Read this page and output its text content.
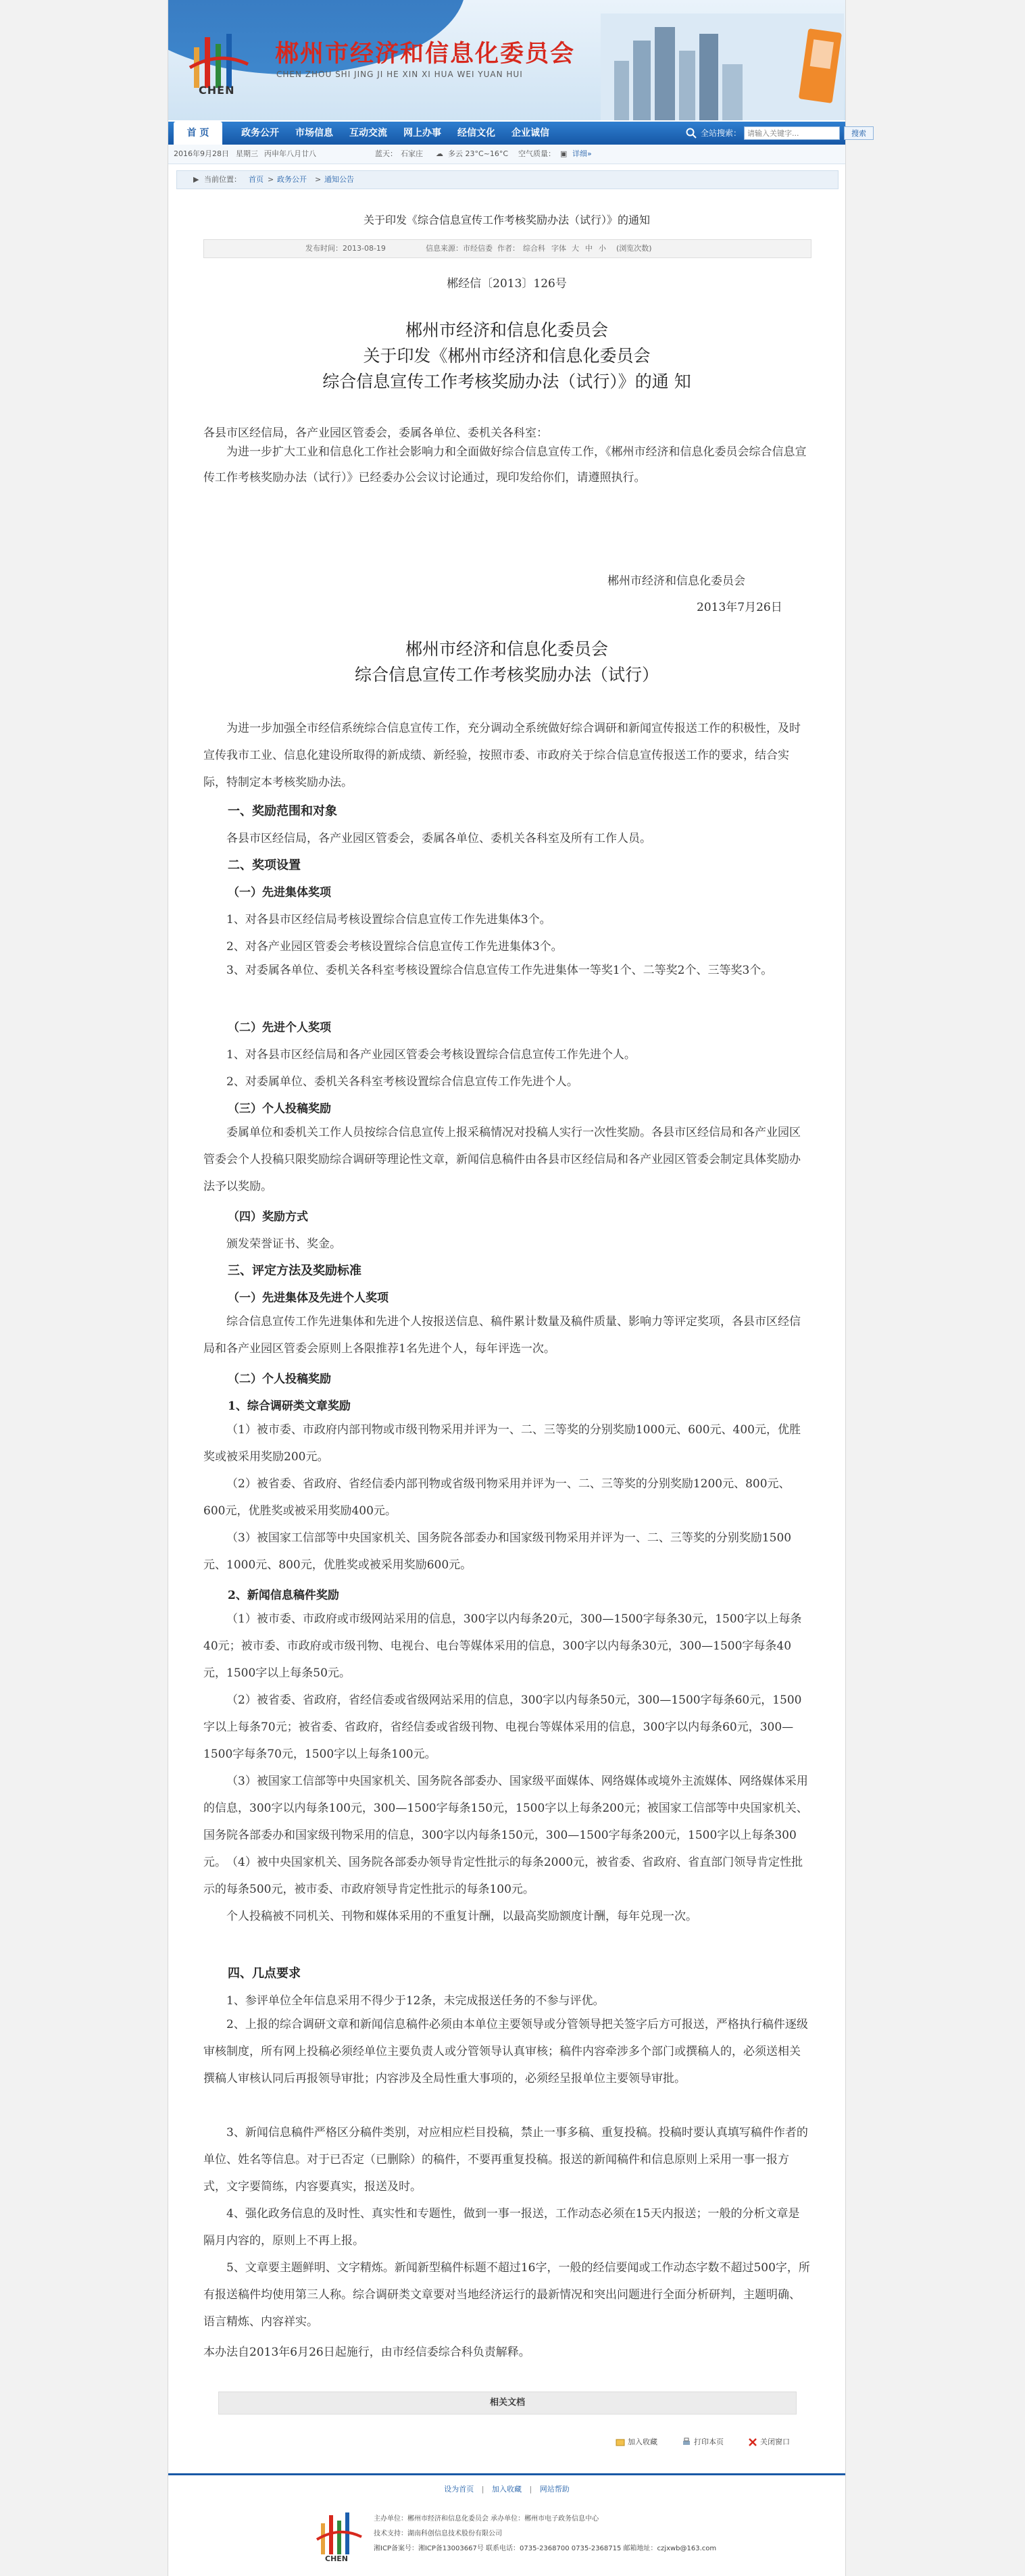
CHEN
郴州市经济和信息化委员会
CHEN ZHOU SHI JING JI HE XIN XI HUA WEI YUAN HUI
首 页	政务公开	市场信息	互动交流	网上办事	经信文化	企业诚信	全站搜索：
请输入关键字...	搜索
2016年9月28日 星期三 丙申年八月廿八	蓝天： 石家庄 ☁ 多云 23°C~16°C 空气质量： ▣ 详细»
▶ 当前位置： 首页 > 政务公开 > 通知公告
关于印发《综合信息宣传工作考核奖励办法（试行）》的通知
发布时间：2013-08-19	信息来源：市经信委 作者： 综合科 字体 大 中 小 (浏览次数)
郴经信〔2013〕126号
郴州市经济和信息化委员会
关于印发《郴州市经济和信息化委员会
综合信息宣传工作考核奖励办法（试行）》的通 知
各县市区经信局，各产业园区管委会，委属各单位、委机关各科室：
为进一步扩大工业和信息化工作社会影响力和全面做好综合信息宣传工作，《郴州市经济和信息化委员会综合信息宣传工作考核奖励办法（试行）》已经委办公会议讨论通过，现印发给你们，请遵照执行。
郴州市经济和信息化委员会
2013年7月26日
郴州市经济和信息化委员会
综合信息宣传工作考核奖励办法（试行）
为进一步加强全市经信系统综合信息宣传工作，充分调动全系统做好综合调研和新闻宣传报送工作的积极性，及时宣传我市工业、信息化建设所取得的新成绩、新经验，按照市委、市政府关于综合信息宣传报送工作的要求，结合实际，特制定本考核奖励办法。
一、奖励范围和对象
各县市区经信局，各产业园区管委会，委属各单位、委机关各科室及所有工作人员。
二、奖项设置
（一）先进集体奖项
1、对各县市区经信局考核设置综合信息宣传工作先进集体3个。
2、对各产业园区管委会考核设置综合信息宣传工作先进集体3个。
3、对委属各单位、委机关各科室考核设置综合信息宣传工作先进集体一等奖1个、二等奖2个、三等奖3个。
（二）先进个人奖项
1、对各县市区经信局和各产业园区管委会考核设置综合信息宣传工作先进个人。
2、对委属单位、委机关各科室考核设置综合信息宣传工作先进个人。
（三）个人投稿奖励
委属单位和委机关工作人员按综合信息宣传上报采稿情况对投稿人实行一次性奖励。各县市区经信局和各产业园区管委会个人投稿只限奖励综合调研等理论性文章，新闻信息稿件由各县市区经信局和各产业园区管委会制定具体奖励办法予以奖励。
（四）奖励方式
颁发荣誉证书、奖金。
三、评定方法及奖励标准
（一）先进集体及先进个人奖项
综合信息宣传工作先进集体和先进个人按报送信息、稿件累计数量及稿件质量、影响力等评定奖项，各县市区经信局和各产业园区管委会原则上各限推荐1名先进个人，每年评选一次。
（二）个人投稿奖励
1、综合调研类文章奖励
（1）被市委、市政府内部刊物或市级刊物采用并评为一、二、三等奖的分别奖励1000元、600元、400元，优胜奖或被采用奖励200元。
（2）被省委、省政府、省经信委内部刊物或省级刊物采用并评为一、二、三等奖的分别奖励1200元、800元、600元，优胜奖或被采用奖励400元。
（3）被国家工信部等中央国家机关、国务院各部委办和国家级刊物采用并评为一、二、三等奖的分别奖励1500元、1000元、800元，优胜奖或被采用奖励600元。
2、新闻信息稿件奖励
（1）被市委、市政府或市级网站采用的信息，300字以内每条20元，300—1500字每条30元，1500字以上每条40元；被市委、市政府或市级刊物、电视台、电台等媒体采用的信息，300字以内每条30元，300—1500字每条40元，1500字以上每条50元。
（2）被省委、省政府，省经信委或省级网站采用的信息，300字以内每条50元，300—1500字每条60元，1500字以上每条70元；被省委、省政府，省经信委或省级刊物、电视台等媒体采用的信息，300字以内每条60元，300—1500字每条70元，1500字以上每条100元。
（3）被国家工信部等中央国家机关、国务院各部委办、国家级平面媒体、网络媒体或境外主流媒体、网络媒体采用的信息，300字以内每条100元，300—1500字每条150元，1500字以上每条200元；被国家工信部等中央国家机关、国务院各部委办和国家级刊物采用的信息，300字以内每条150元，300—1500字每条200元，1500字以上每条300元。 （4）被中央国家机关、国务院各部委办领导肯定性批示的每条2000元，被省委、省政府、省直部门领导肯定性批示的每条500元，被市委、市政府领导肯定性批示的每条100元。
个人投稿被不同机关、刊物和媒体采用的不重复计酬，以最高奖励额度计酬，每年兑现一次。
四、几点要求
1、参评单位全年信息采用不得少于12条，未完成报送任务的不参与评优。
2、上报的综合调研文章和新闻信息稿件必须由本单位主要领导或分管领导把关签字后方可报送，严格执行稿件逐级审核制度，所有网上投稿必须经单位主要负责人或分管领导认真审核；稿件内容牵涉多个部门或撰稿人的，必须送相关撰稿人审核认同后再报领导审批；内容涉及全局性重大事项的，必须经呈报单位主要领导审批。
3、新闻信息稿件严格区分稿件类别，对应相应栏目投稿，禁止一事多稿、重复投稿。投稿时要认真填写稿件作者的单位、姓名等信息。对于已否定（已删除）的稿件，不要再重复投稿。报送的新闻稿件和信息原则上采用一事一报方式，文字要简练，内容要真实，报送及时。
4、强化政务信息的及时性、真实性和专题性，做到一事一报送，工作动态必须在15天内报送；一般的分析文章是隔月内容的，原则上不再上报。
5、文章要主题鲜明、文字精炼。新闻新型稿件标题不超过16字，一般的经信要闻或工作动态字数不超过500字，所有报送稿件均使用第三人称。综合调研类文章要对当地经济运行的最新情况和突出问题进行全面分析研判，主题明确、语言精炼、内容祥实。
本办法自2013年6月26日起施行，由市经信委综合科负责解释。
相关文档
加入收藏	打印本页	关闭窗口
设为首页 | 加入收藏 | 网站帮助
CHEN
主办单位：郴州市经济和信息化委员会 承办单位：郴州市电子政务信息中心
技术支持：湖南科创信息技术股份有限公司
湘ICP备案号：湘ICP备13003667号 联系电话：0735-2368700 0735-2368715 邮箱地址：czjxwb@163.com
